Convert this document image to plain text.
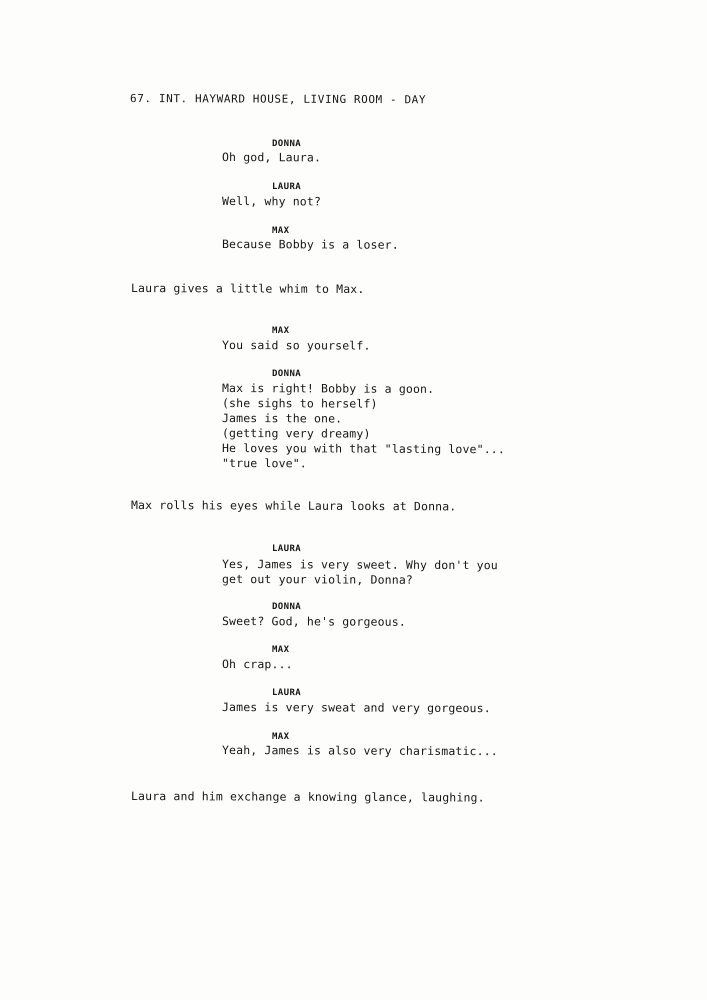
67. INT. HAYWARD HOUSE, LIVING ROOM - DAY
DONNA
Oh god, Laura.
LAURA
Well, why not?
MAX
Because Bobby is a loser.
Laura gives a little whim to Max.
MAX
You said so yourself.
DONNA
Max is right! Bobby is a goon.
(she sighs to herself)
James is the one.
(getting very dreamy)
He loves you with that "lasting love"...
"true love".
Max rolls his eyes while Laura looks at Donna.
LAURA
Yes, James is very sweet. Why don't you
get out your violin, Donna?
DONNA
Sweet? God, he's gorgeous.
MAX
Oh crap...
LAURA
James is very sweat and very gorgeous.
MAX
Yeah, James is also very charismatic...
Laura and him exchange a knowing glance, laughing.
